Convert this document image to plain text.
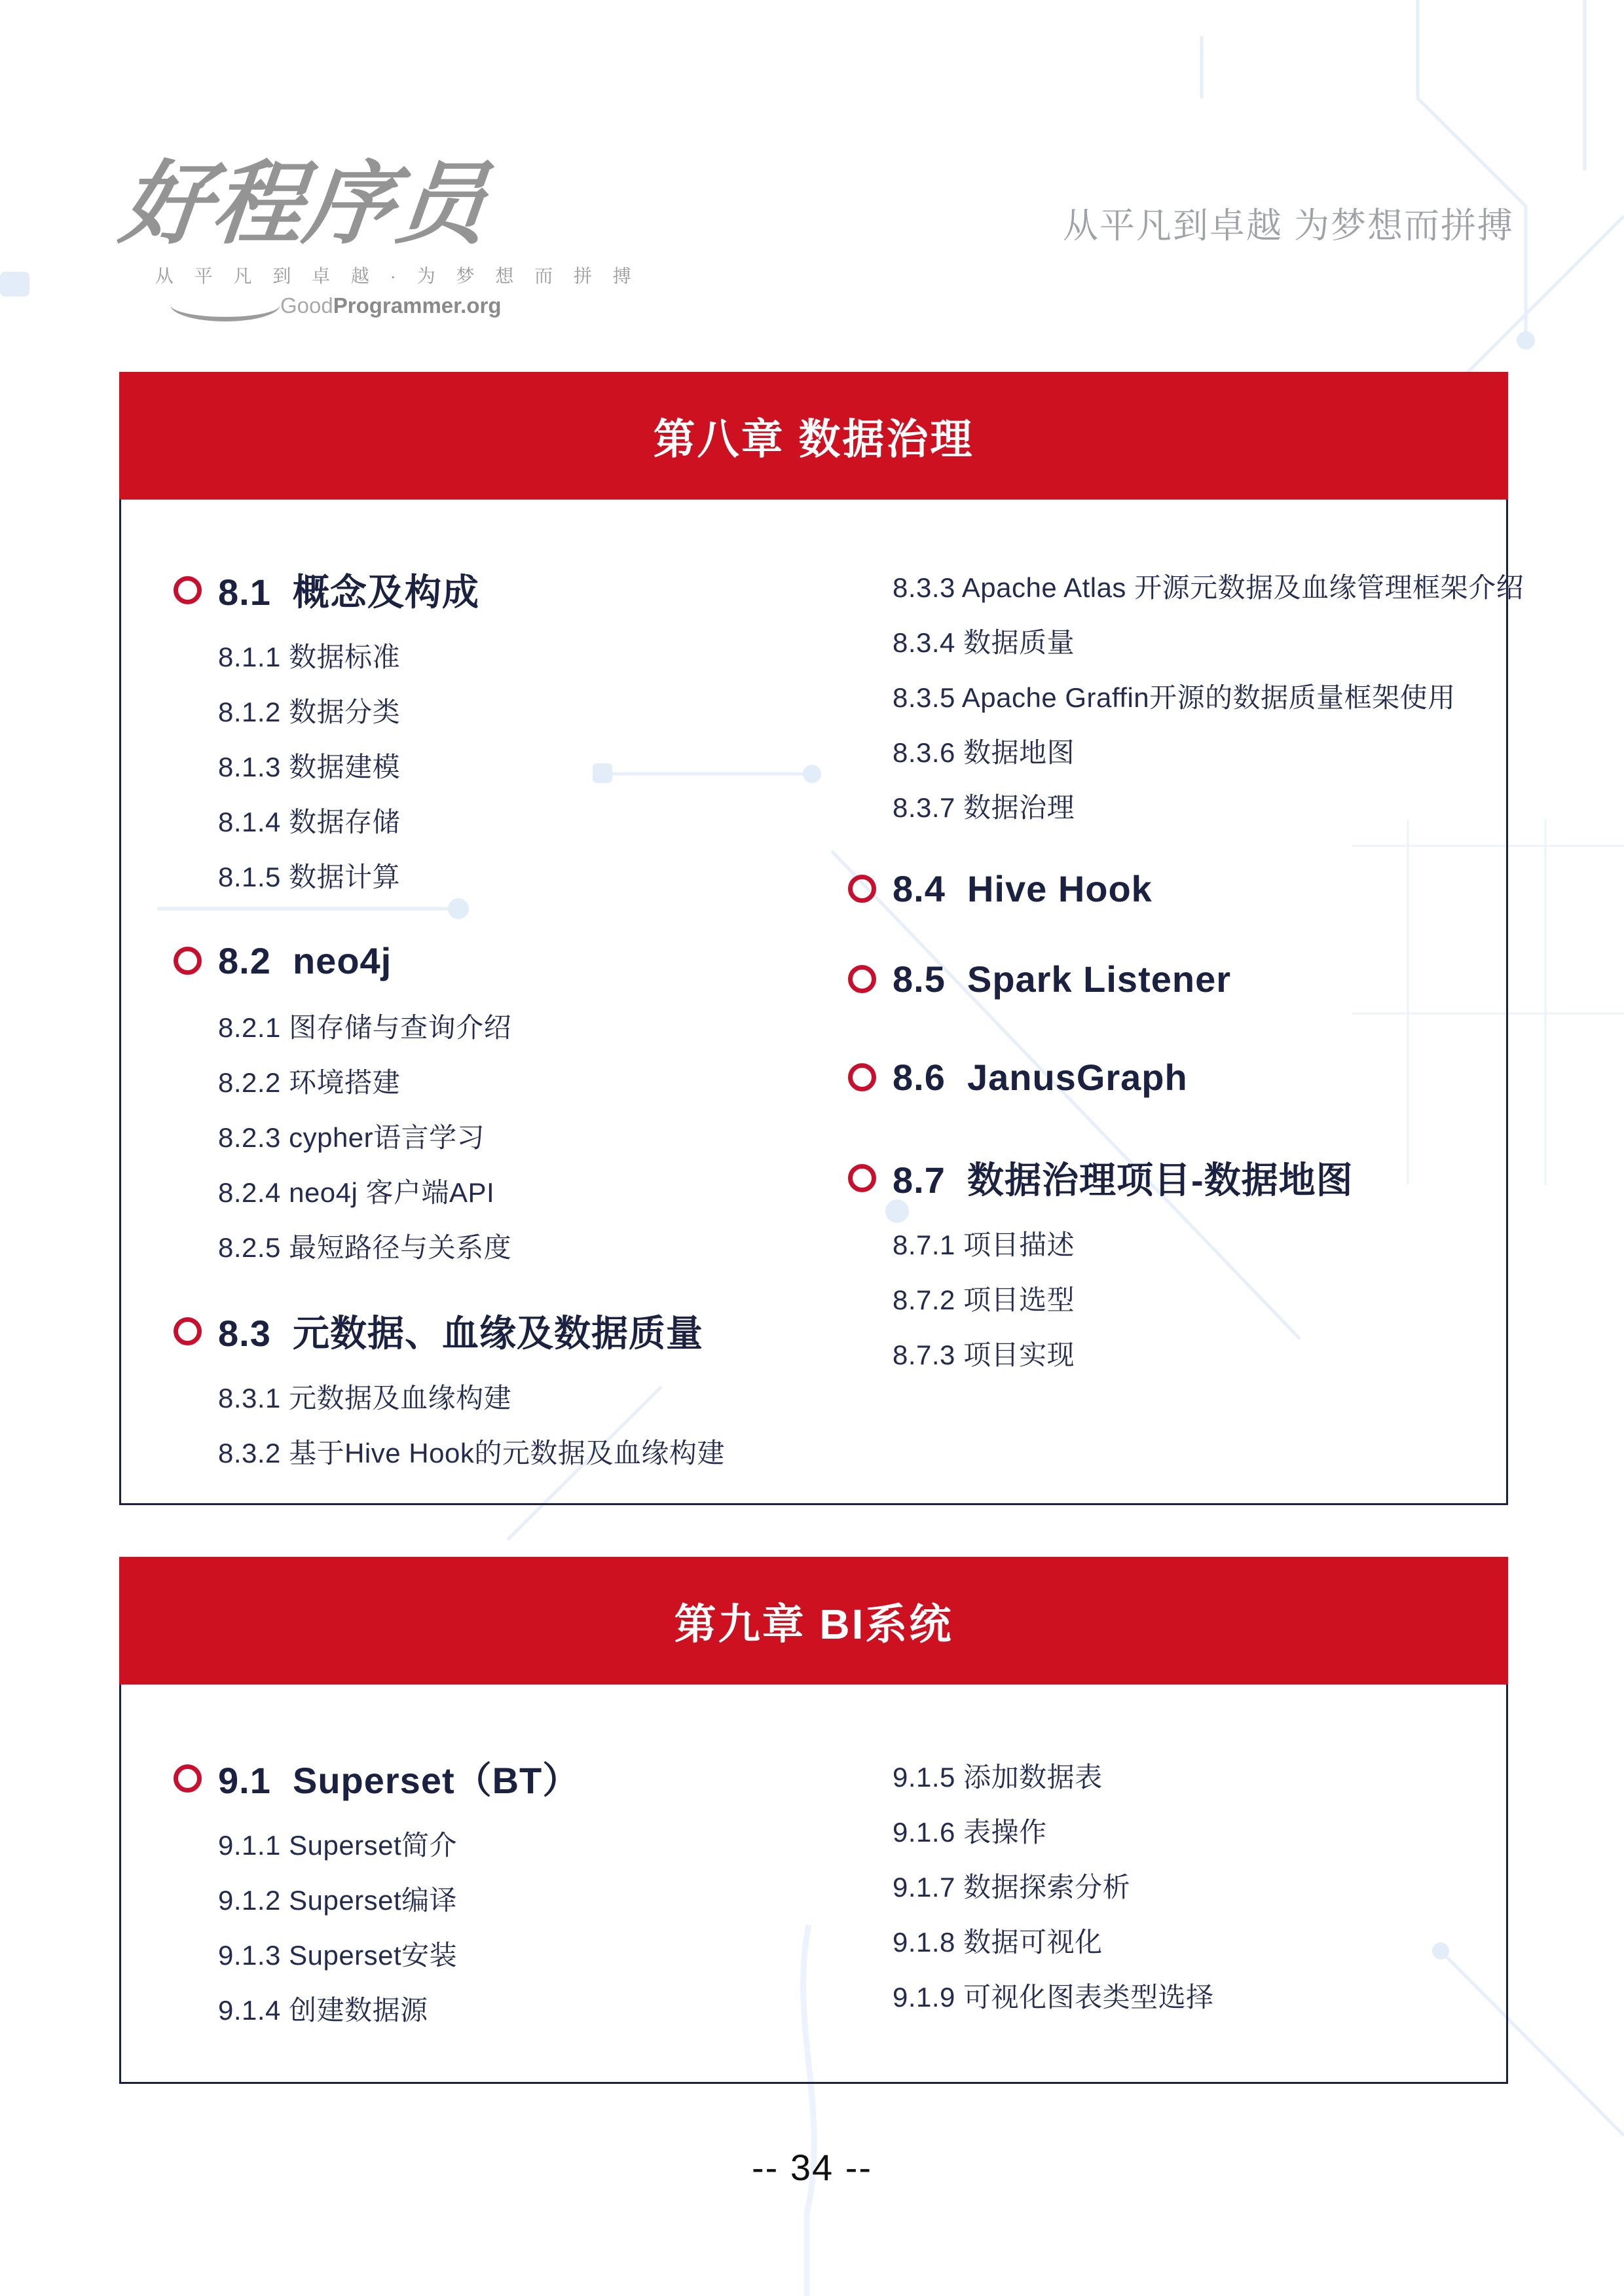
好程序员
从 平 凡 到 卓 越 · 为 梦 想 而 拼 搏
GoodProgrammer.org
从平凡到卓越 为梦想而拼搏
第八章 数据治理
8.1  概念及构成
8.1.1 数据标准
8.1.2 数据分类
8.1.3 数据建模
8.1.4 数据存储
8.1.5 数据计算
8.2  neo4j
8.2.1 图存储与查询介绍
8.2.2 环境搭建
8.2.3 cypher语言学习
8.2.4 neo4j 客户端API
8.2.5 最短路径与关系度
8.3  元数据、血缘及数据质量
8.3.1 元数据及血缘构建
8.3.2 基于Hive Hook的元数据及血缘构建
8.3.3 Apache Atlas 开源元数据及血缘管理框架介绍
8.3.4 数据质量
8.3.5 Apache Graffin开源的数据质量框架使用
8.3.6 数据地图
8.3.7 数据治理
8.4  Hive Hook
8.5  Spark Listener
8.6  JanusGraph
8.7  数据治理项目-数据地图
8.7.1 项目描述
8.7.2 项目选型
8.7.3 项目实现
第九章 BI系统
9.1  Superset（BT）
9.1.1 Superset简介
9.1.2 Superset编译
9.1.3 Superset安装
9.1.4 创建数据源
9.1.5 添加数据表
9.1.6 表操作
9.1.7 数据探索分析
9.1.8 数据可视化
9.1.9 可视化图表类型选择
-- 34 --
